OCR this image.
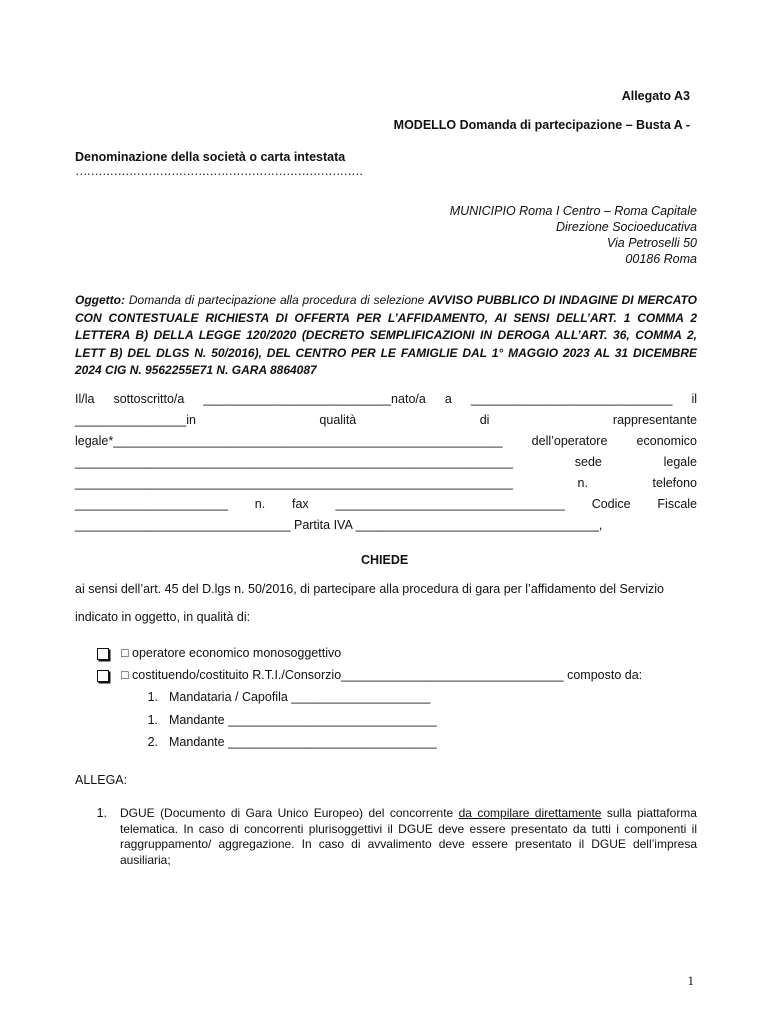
Allegato A3
MODELLO Domanda di partecipazione – Busta A -
Denominazione della società o carta intestata
…………………………………………………………………
MUNICIPIO Roma I Centro – Roma Capitale
Direzione Socioeducativa
Via Petroselli 50
00186 Roma
Oggetto: Domanda di partecipazione alla procedura di selezione AVVISO PUBBLICO DI INDAGINE DI MERCATO CON CONTESTUALE RICHIESTA DI OFFERTA PER L’AFFIDAMENTO, AI SENSI DELL’ART. 1 COMMA 2 LETTERA B) DELLA LEGGE 120/2020 (DECRETO SEMPLIFICAZIONI IN DEROGA ALL’ART. 36, COMMA 2, LETT B) DEL DLGS N. 50/2016), DEL CENTRO PER LE FAMIGLIE DAL 1° MAGGIO 2023 AL 31 DICEMBRE 2024 CIG N. 9562255E71 N. GARA 8864087
Il/la sottoscritto/a ___________________________nato/a a _____________________________ il
________________in	qualità	di	rappresentante
legale*________________________________________________________ dell’operatore economico
_______________________________________________________________	sede	legale
_______________________________________________________________	n.	telefono
______________________ n. fax _________________________________ Codice Fiscale
_______________________________ Partita IVA ___________________________________,
CHIEDE
ai sensi dell’art. 45 del D.lgs n. 50/2016, di partecipare alla procedura di gara per l’affidamento del Servizio
indicato in oggetto, in qualità di:
□ operatore economico monosoggettivo
□ costituendo/costituito R.T.I./Consorzio________________________________ composto da:
1. Mandataria / Capofila ____________________
1. Mandante ______________________________
2. Mandante ______________________________
ALLEGA:
1. DGUE (Documento di Gara Unico Europeo) del concorrente da compilare direttamente sulla piattaforma telematica. In caso di concorrenti plurisoggettivi il DGUE deve essere presentato da tutti i componenti il raggruppamento/ aggregazione. In caso di avvalimento deve essere presentato il DGUE dell’impresa ausiliaria;
1
